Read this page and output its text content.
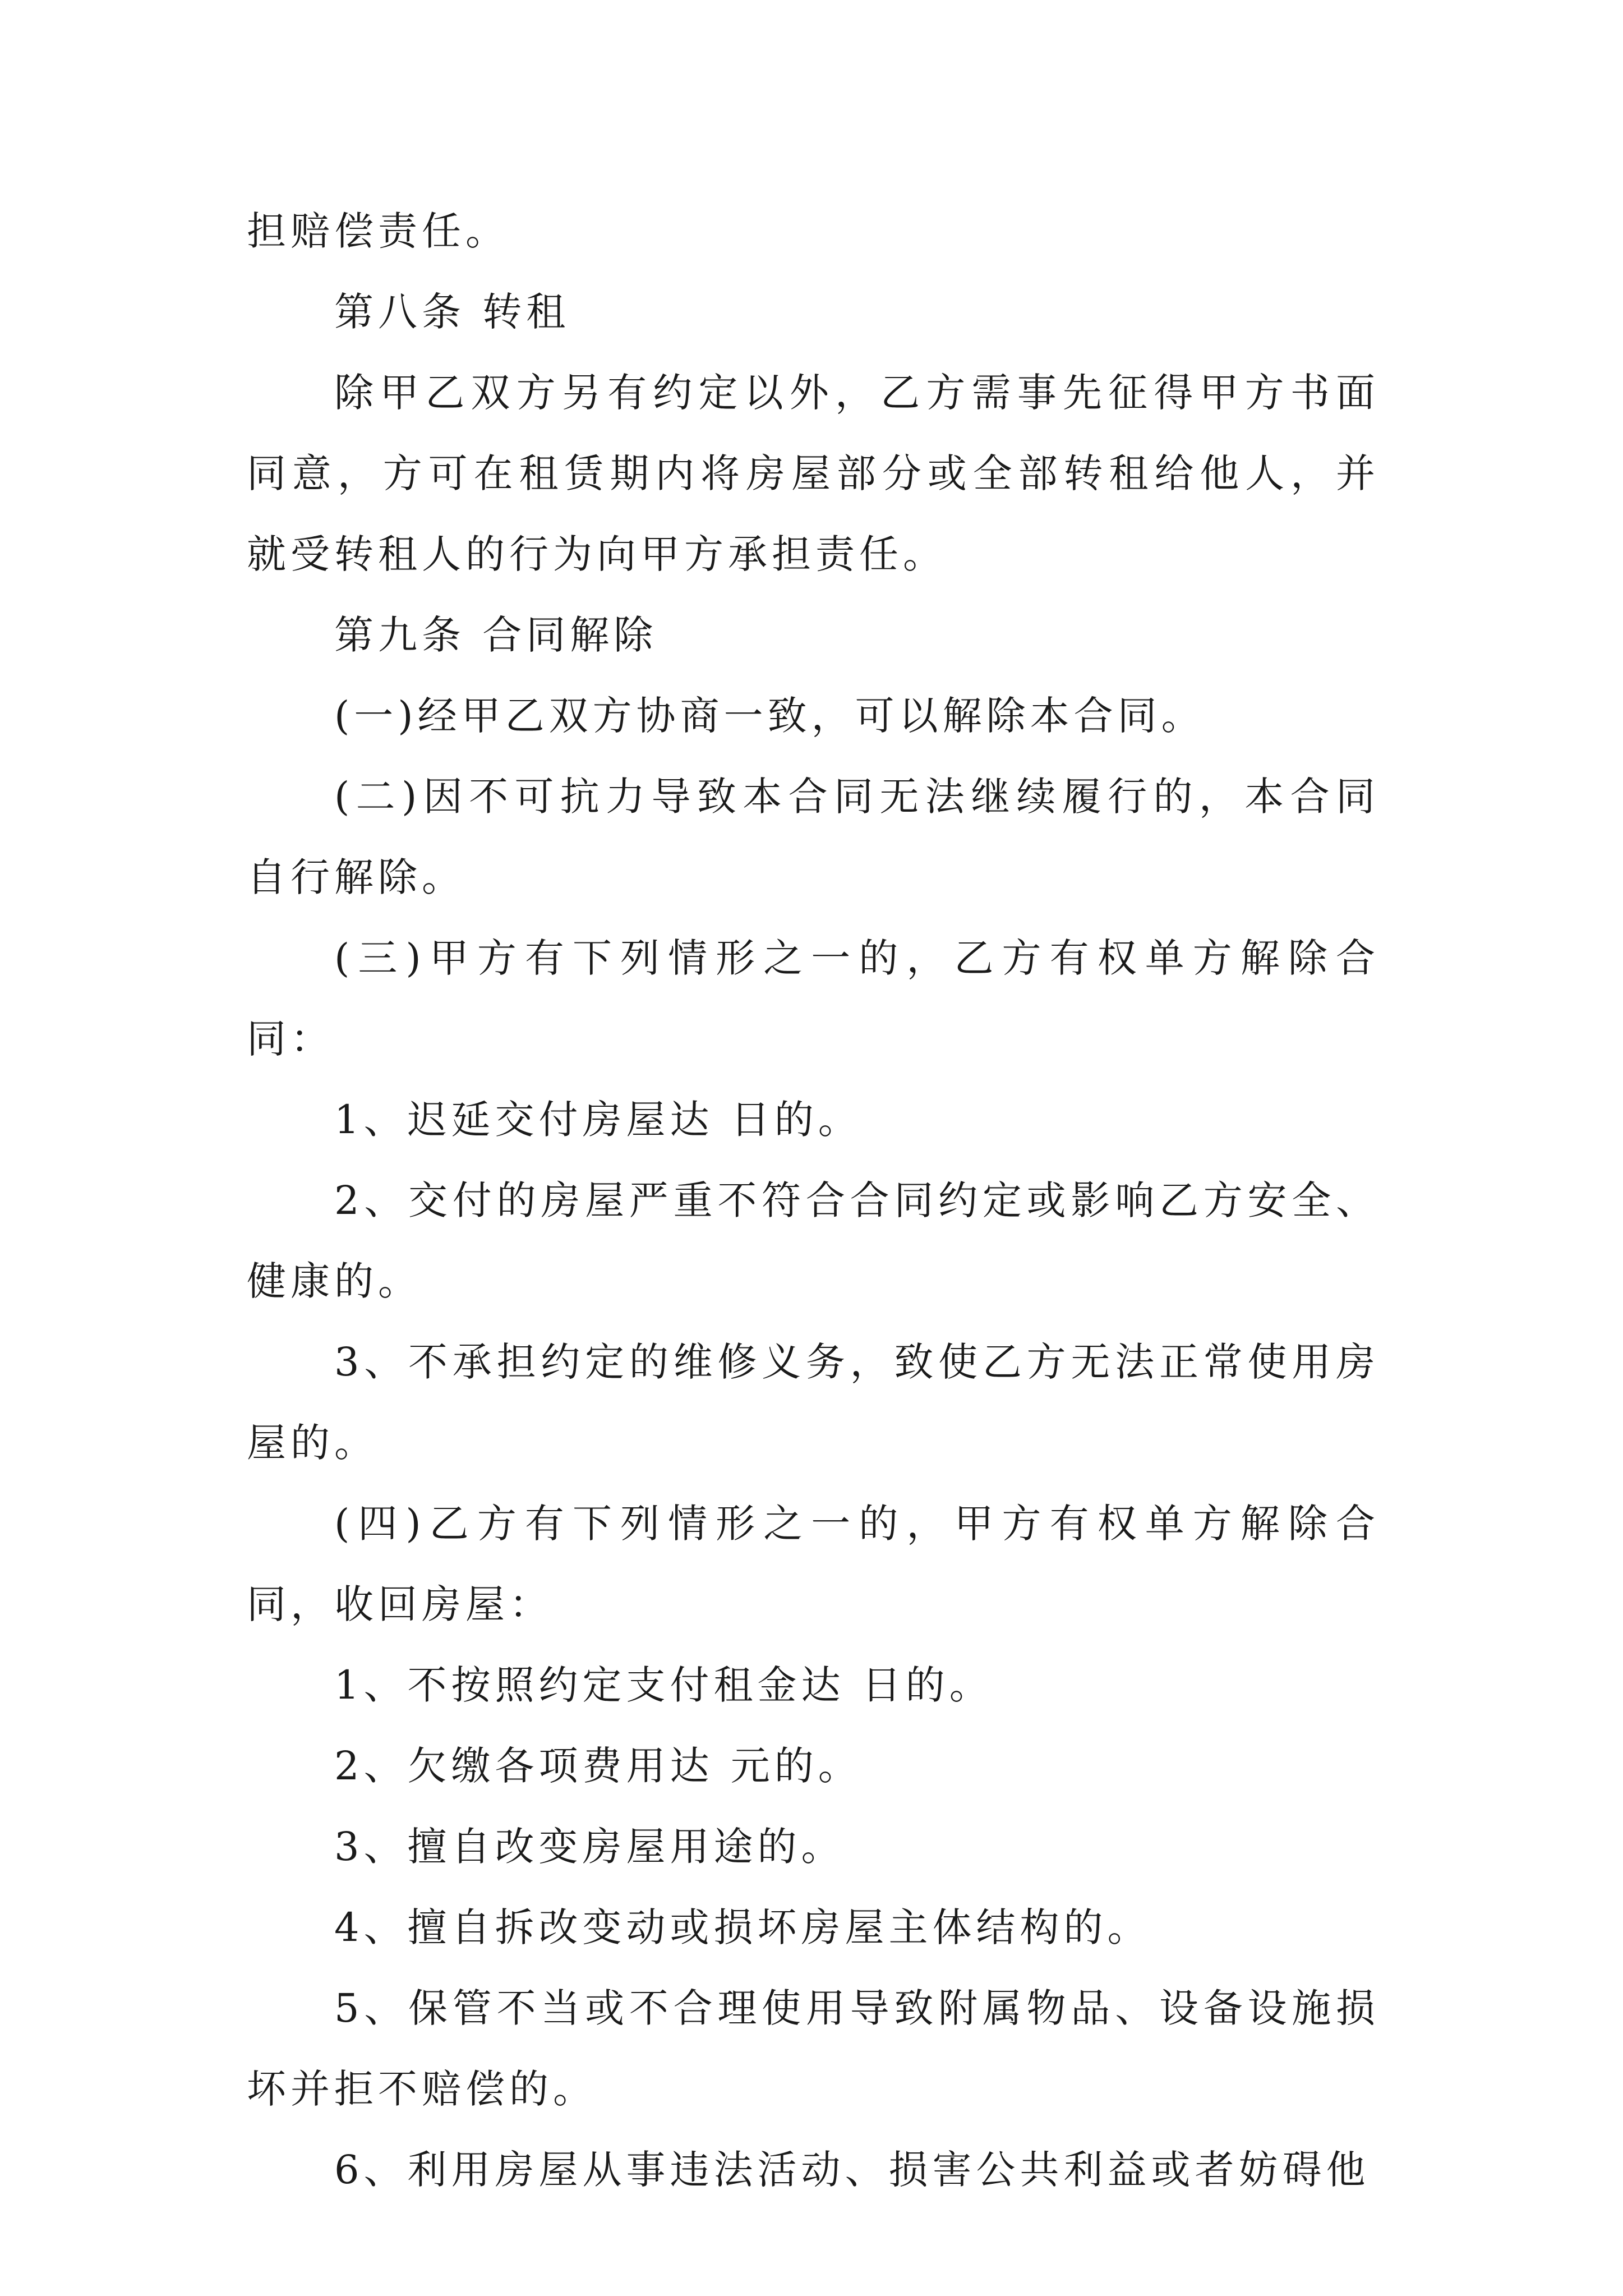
担赔偿责任。

第八条 转租

除甲乙双方另有约定以外，乙方需事先征得甲方书面同意，方可在租赁期内将房屋部分或全部转租给他人，并就受转租人的行为向甲方承担责任。

第九条 合同解除

(一)经甲乙双方协商一致，可以解除本合同。

(二)因不可抗力导致本合同无法继续履行的，本合同自行解除。

(三)甲方有下列情形之一的，乙方有权单方解除合同：

1、迟延交付房屋达 日的。

2、交付的房屋严重不符合合同约定或影响乙方安全、健康的。

3、不承担约定的维修义务，致使乙方无法正常使用房屋的。

(四)乙方有下列情形之一的，甲方有权单方解除合同，收回房屋：

1、不按照约定支付租金达 日的。

2、欠缴各项费用达 元的。

3、擅自改变房屋用途的。

4、擅自拆改变动或损坏房屋主体结构的。

5、保管不当或不合理使用导致附属物品、设备设施损坏并拒不赔偿的。

6、利用房屋从事违法活动、损害公共利益或者妨碍他
